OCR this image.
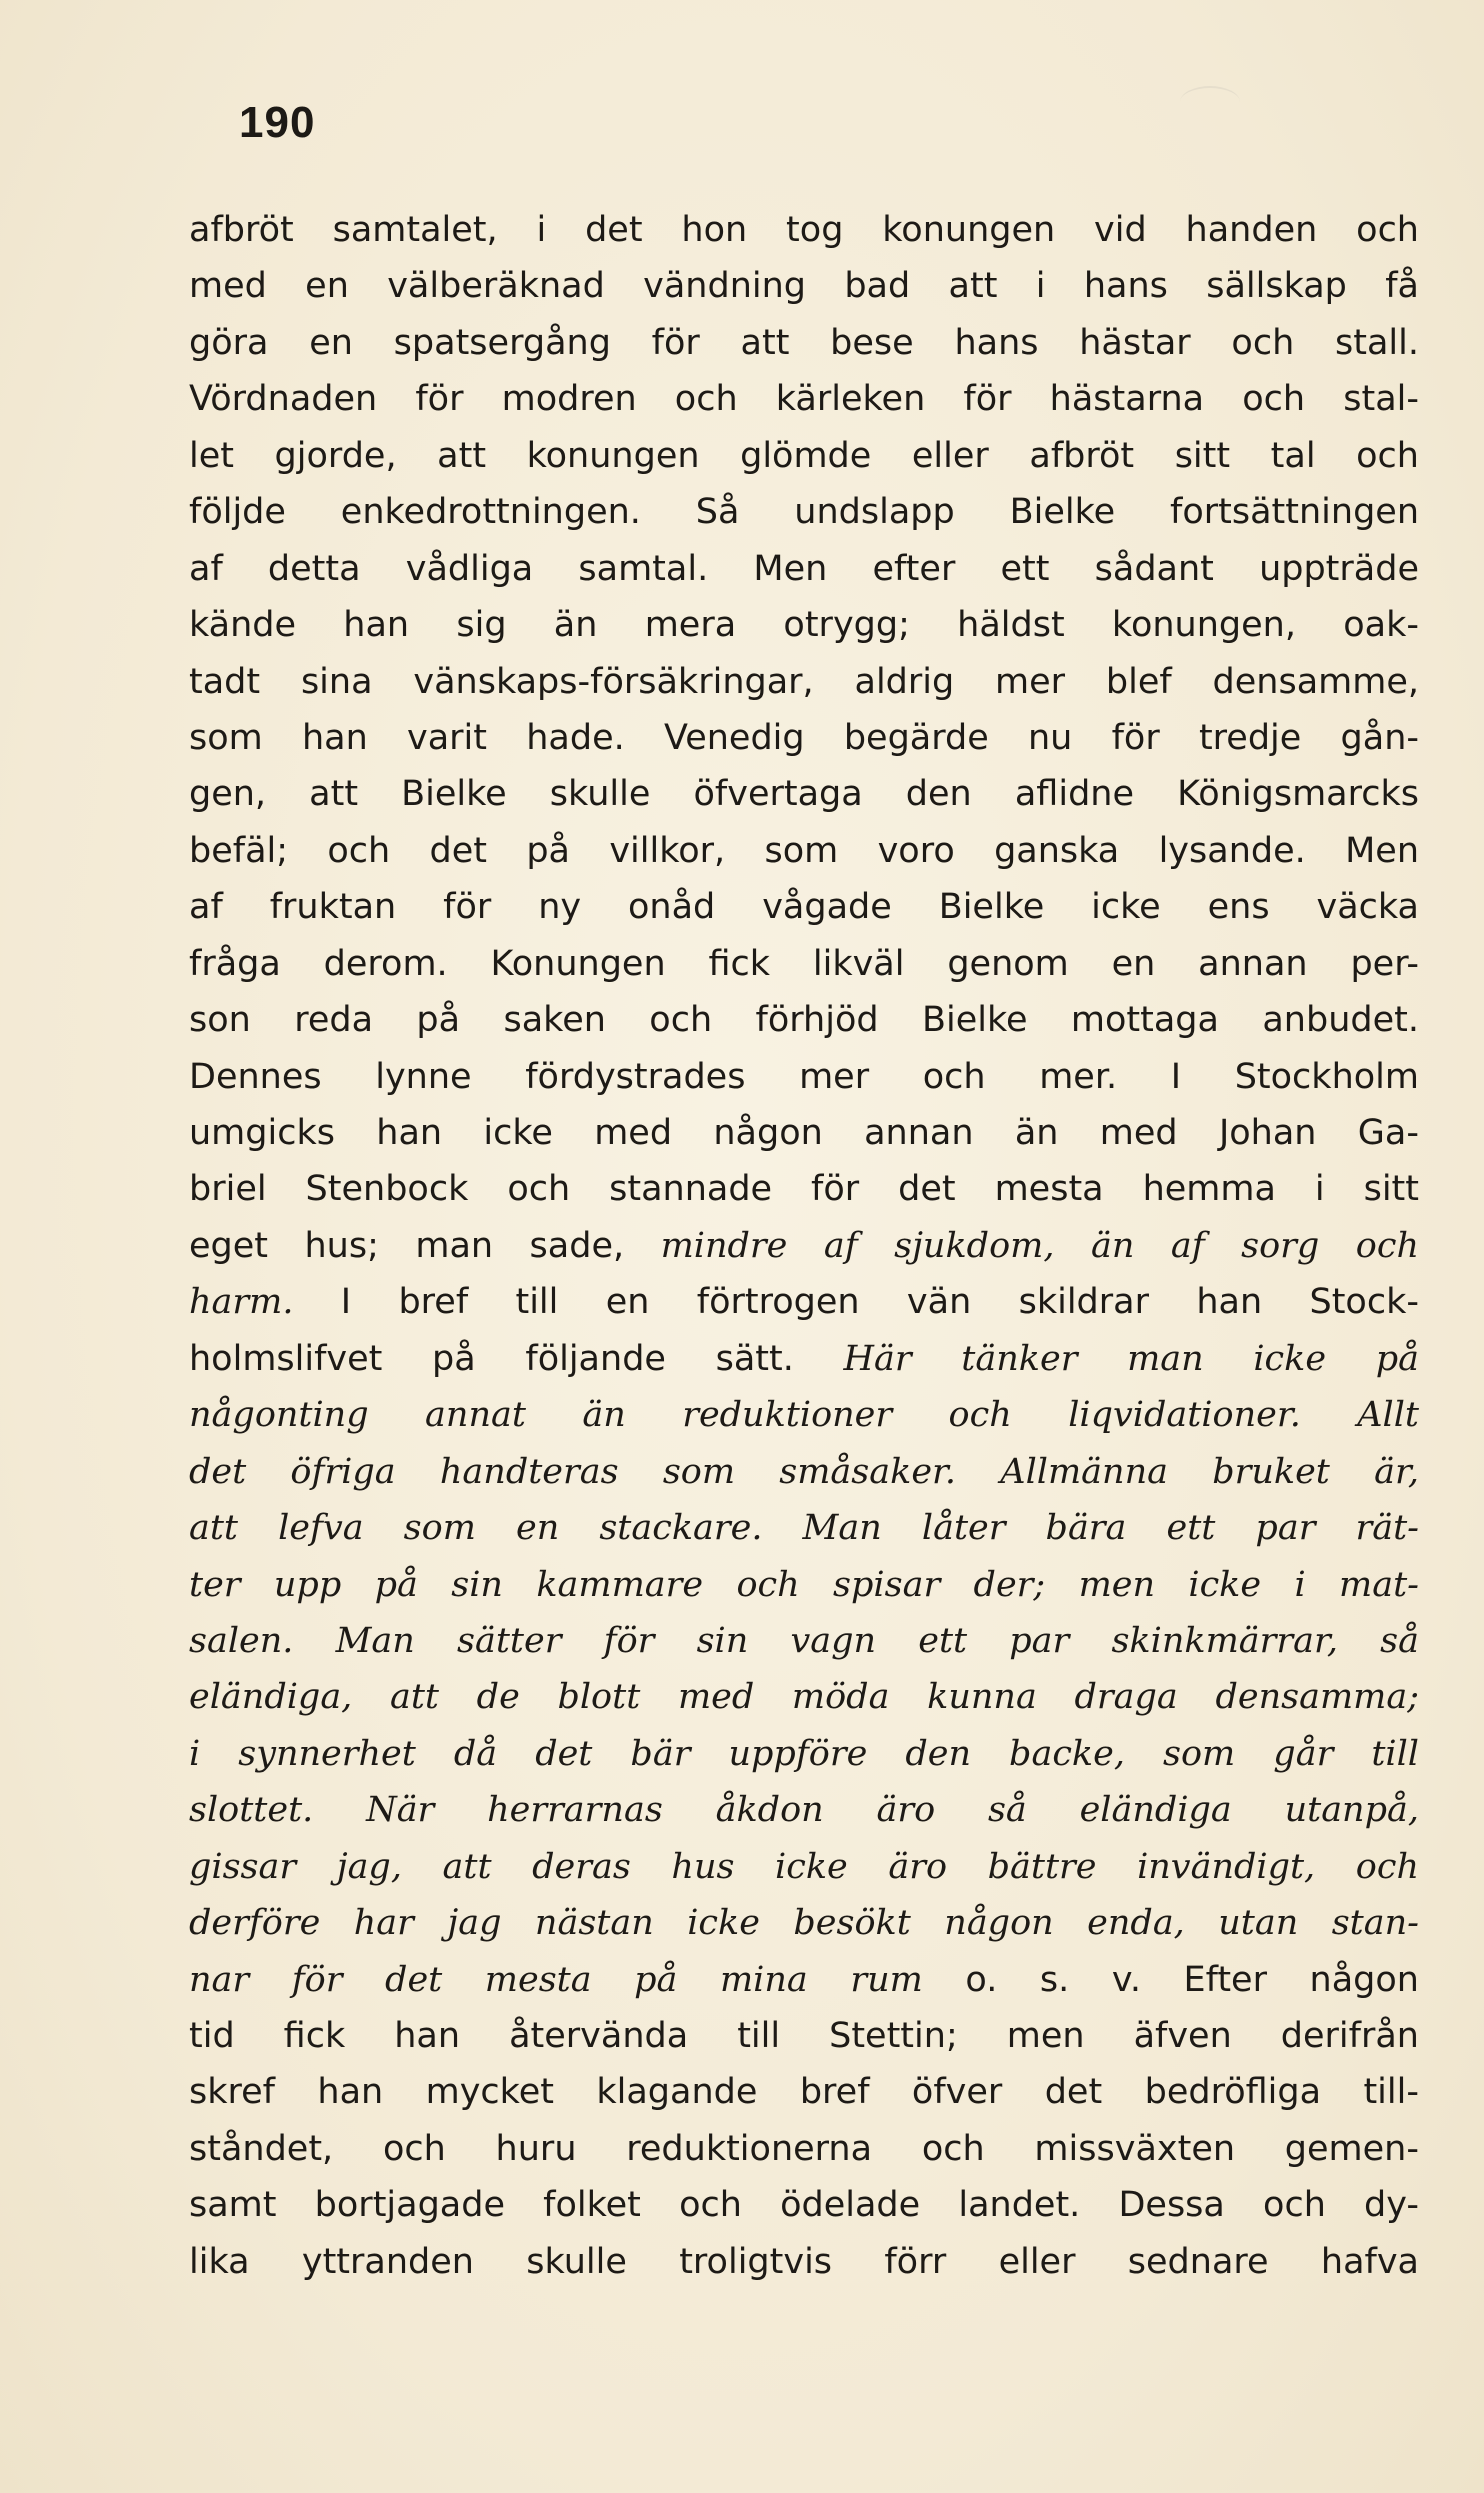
190
afbröt samtalet, i det hon tog konungen vid handen och
med en välberäknad vändning bad att i hans sällskap få
göra en spatsergång för att bese hans hästar och stall.
Vördnaden för modren och kärleken för hästarna och stal-
let gjorde, att konungen glömde eller afbröt sitt tal och
följde enkedrottningen. Så undslapp Bielke fortsättningen
af detta vådliga samtal. Men efter ett sådant uppträde
kände han sig än mera otrygg; häldst konungen, oak-
tadt sina vänskaps-försäkringar, aldrig mer blef densamme,
som han varit hade. Venedig begärde nu för tredje gån-
gen, att Bielke skulle öfvertaga den aflidne Königsmarcks
befäl; och det på villkor, som voro ganska lysande. Men
af fruktan för ny onåd vågade Bielke icke ens väcka
fråga derom. Konungen fick likväl genom en annan per-
son reda på saken och förhjöd Bielke mottaga anbudet.
Dennes lynne fördystrades mer och mer. I Stockholm
umgicks han icke med någon annan än med Johan Ga-
briel Stenbock och stannade för det mesta hemma i sitt
eget hus; man sade, mindre af sjukdom, än af sorg och
harm. I bref till en förtrogen vän skildrar han Stock-
holmslifvet på följande sätt. Här tänker man icke på
någonting annat än reduktioner och liqvidationer. Allt
det öfriga handteras som småsaker. Allmänna bruket är,
att lefva som en stackare. Man låter bära ett par rät-
ter upp på sin kammare och spisar der; men icke i mat-
salen. Man sätter för sin vagn ett par skinkmärrar, så
eländiga, att de blott med möda kunna draga densamma;
i synnerhet då det bär uppföre den backe, som går till
slottet. När herrarnas åkdon äro så eländiga utanpå,
gissar jag, att deras hus icke äro bättre invändigt, och
derföre har jag nästan icke besökt någon enda, utan stan-
nar för det mesta på mina rum o. s. v. Efter någon
tid fick han återvända till Stettin; men äfven derifrån
skref han mycket klagande bref öfver det bedröfliga till-
ståndet, och huru reduktionerna och missväxten gemen-
samt bortjagade folket och ödelade landet. Dessa och dy-
lika yttranden skulle troligtvis förr eller sednare hafva
